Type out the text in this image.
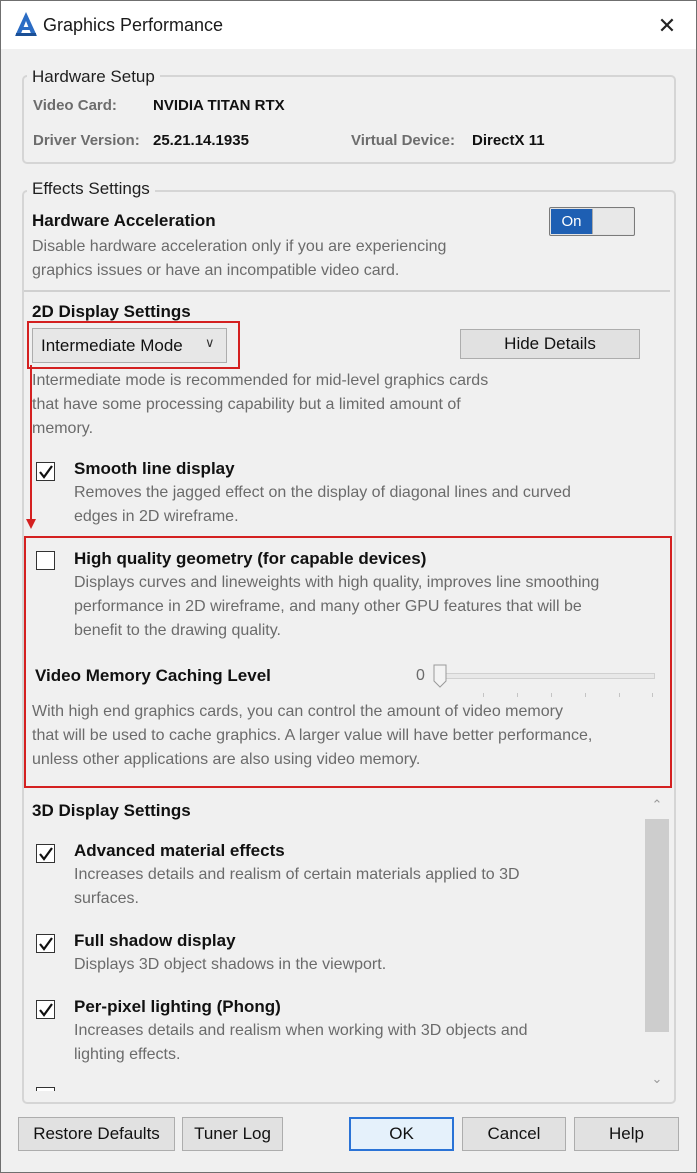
Graphics Performance	✕
Hardware Setup
Video Card: NVIDIA TITAN RTX
Driver Version: 25.21.14.1935	Virtual Device: DirectX 11
Effects Settings
Hardware Acceleration
Disable hardware acceleration only if you are experiencing
graphics issues or have an incompatible video card.
On
2D Display Settings
Intermediate Mode ∨	Hide Details
Intermediate mode is recommended for mid-level graphics cards
that have some processing capability but a limited amount of
memory.
Smooth line display
Removes the jagged effect on the display of diagonal lines and curved
edges in 2D wireframe.
High quality geometry (for capable devices)
Displays curves and lineweights with high quality, improves line smoothing
performance in 2D wireframe, and many other GPU features that will be
benefit to the drawing quality.
Video Memory Caching Level	0
With high end graphics cards, you can control the amount of video memory
that will be used to cache graphics. A larger value will have better performance,
unless other applications are also using video memory.
3D Display Settings
Advanced material effects
Increases details and realism of certain materials applied to 3D
surfaces.
Full shadow display
Displays 3D object shadows in the viewport.
Per-pixel lighting (Phong)
Increases details and realism when working with 3D objects and
lighting effects.
⌃
⌄
Restore Defaults	Tuner Log	OK	Cancel	Help
